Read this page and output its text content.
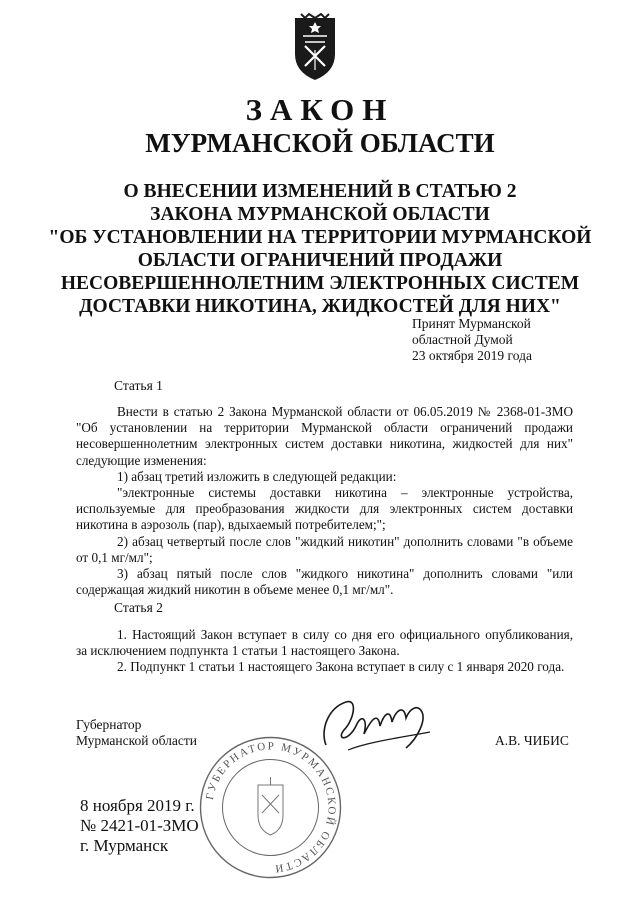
ЗАКОН
МУРМАНСКОЙ ОБЛАСТИ
О ВНЕСЕНИИ ИЗМЕНЕНИЙ В СТАТЬЮ 2
ЗАКОНА МУРМАНСКОЙ ОБЛАСТИ
"ОБ УСТАНОВЛЕНИИ НА ТЕРРИТОРИИ МУРМАНСКОЙ
ОБЛАСТИ ОГРАНИЧЕНИЙ ПРОДАЖИ
НЕСОВЕРШЕННОЛЕТНИМ ЭЛЕКТРОННЫХ СИСТЕМ
ДОСТАВКИ НИКОТИНА, ЖИДКОСТЕЙ ДЛЯ НИХ"
Принят Мурманской
областной Думой
23 октября 2019 года
Статья 1
Внести в статью 2 Закона Мурманской области от 06.05.2019 № 2368-01-ЗМО
"Об установлении на территории Мурманской области ограничений продажи
несовершеннолетним электронных систем доставки никотина, жидкостей для них"
следующие изменения:
1) абзац третий изложить в следующей редакции:
"электронные системы доставки никотина – электронные устройства,
используемые для преобразования жидкости для электронных систем доставки
никотина в аэрозоль (пар), вдыхаемый потребителем;";
2) абзац четвертый после слов "жидкий никотин" дополнить словами "в объеме
от 0,1 мг/мл";
3) абзац пятый после слов "жидкого никотина" дополнить словами "или
содержащая жидкий никотин в объеме менее 0,1 мг/мл".
Статья 2
1. Настоящий Закон вступает в силу со дня его официального опубликования,
за исключением подпункта 1 статьи 1 настоящего Закона.
2. Подпункт 1 статьи 1 настоящего Закона вступает в силу с 1 января 2020 года.
Губернатор
Мурманской области
ГУБЕРНАТОР МУРМАНСКОЙ ОБЛАСТИ
А.В. ЧИБИС
8 ноября 2019 г.
№ 2421-01-ЗМО
г. Мурманск
